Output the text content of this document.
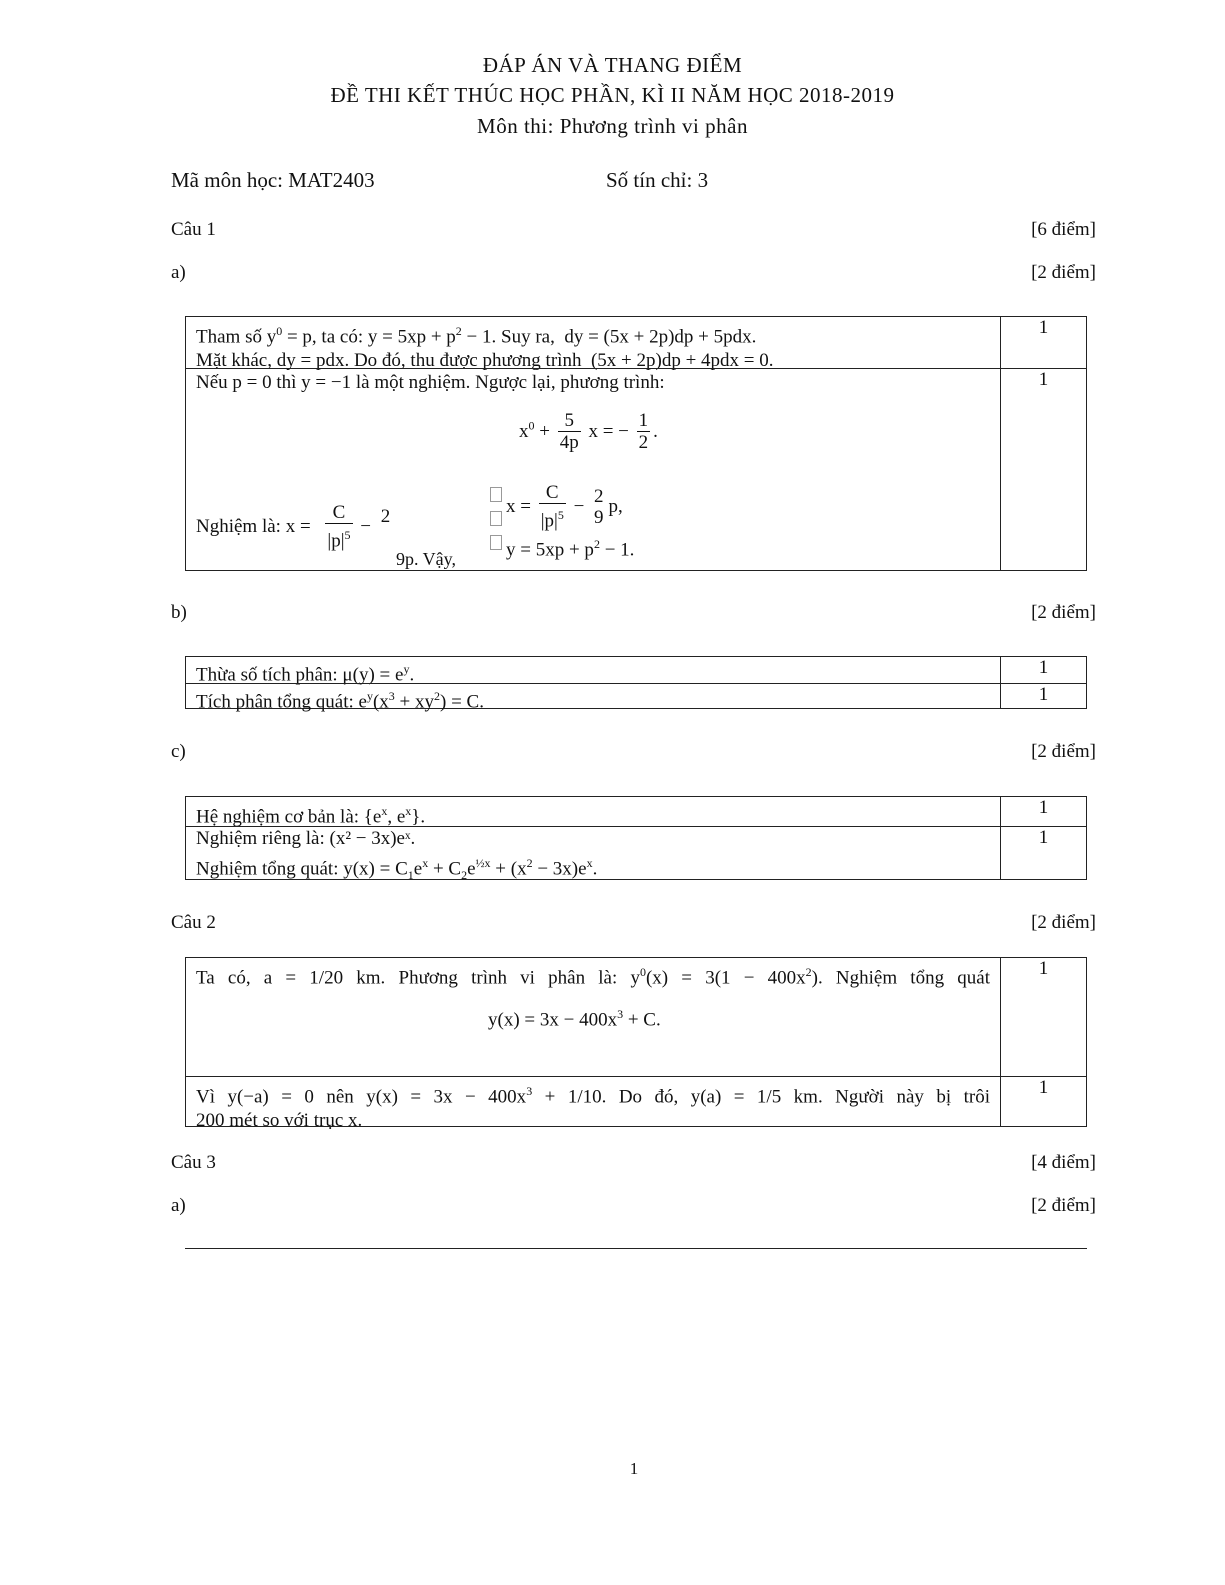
ĐÁP ÁN VÀ THANG ĐIỂM
ĐỀ THI KẾT THÚC HỌC PHẦN, KÌ II NĂM HỌC 2018-2019
Môn thi: Phương trình vi phân
Mã môn học: MAT2403	Số tín chỉ: 3
Câu 1	[6 điểm]
a)	[2 điểm]
Tham số $y^0 = p$, ta có: $y = 5xp + p^2 - 1$. Suy ra,  dy = (5x + 2p)dp + 5pdx.
Mặt khác, dy = pdx. Do đó, thu được phương trình  (5x + 2p)dp + 4pdx = 0.
1
Nếu p = 0 thì y = −1 là một nghiệm. Ngược lại, phương trình:
$x^0 + \frac{5}{4p}$ x = − $\frac{1}{2}$ .
Nghiệm là: $x = \frac{C}{|p|^5} - 2$

9p. Vậy,

$x = \frac{C}{|p|^5} - 2$
9
p,
$y = 5xp + p^2 - 1$.
1
b)	[2 điểm]
Thừa số tích phân: $\mu(y) = e^y$.	1
Tích phân tổng quát: $e^y(x^3 + xy^2) = C$.	1
c)	[2 điểm]
Hệ nghiệm cơ bản là: {$e^x$, $e^x$}.	1
Nghiệm riêng là: (x² − 3x)eˣ.
Nghiệm tổng quát: $y(x) = C_1e^x + C_2e^{\frac{1}{2}x} + (x^2 - 3x)e^x$.
1
Câu 2	[2 điểm]
Ta có, a = 1/20 km. Phương trình vi phân là: $y^0(x) = 3(1 - 400x^2)$. Nghiệm tổng quát
$y(x) = 3x - 400x^3 + C$.
1
Vì y(−a) = 0 nên $y(x) = 3x - 400x^3 + 1/10$. Do đó, y(a) = 1/5 km. Người này bị trôi
200 mét so với trục x.
1
Câu 3	[4 điểm]
a)	[2 điểm]
1
